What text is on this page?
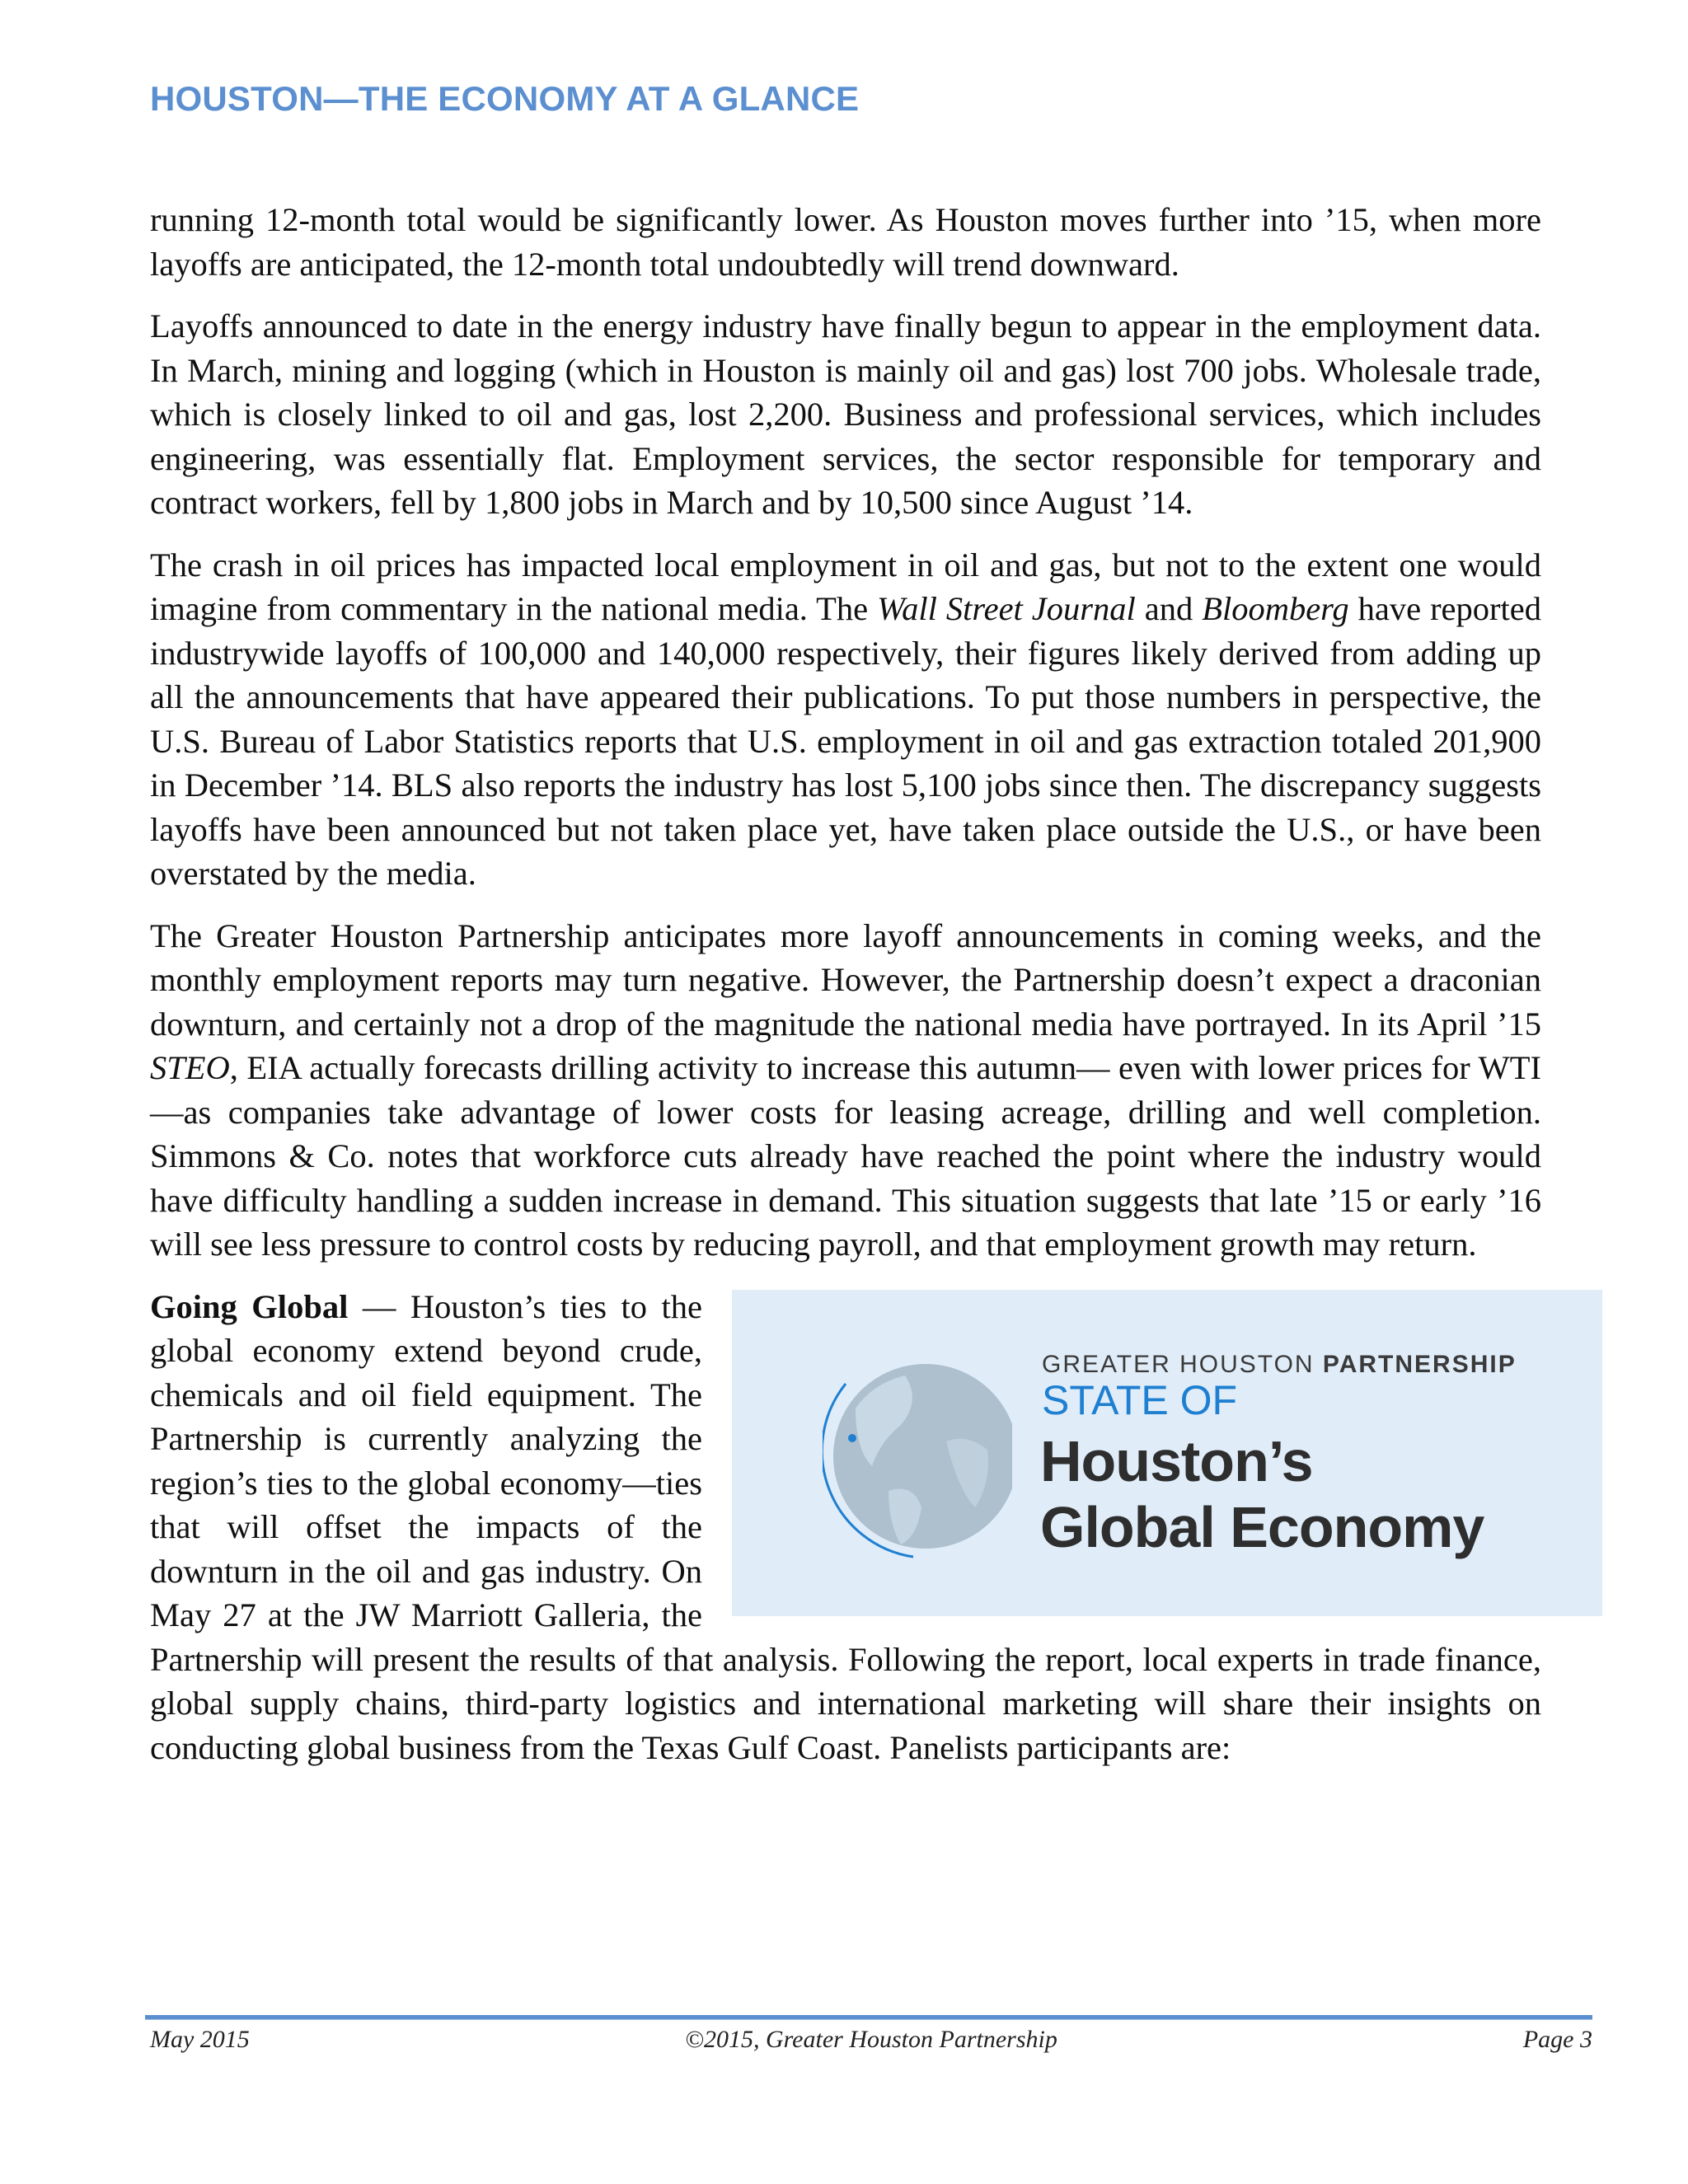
HOUSTON—THE ECONOMY AT A GLANCE

running 12-month total would be significantly lower. As Houston moves further into ’15, when more layoffs are anticipated, the 12-month total undoubtedly will trend downward.

Layoffs announced to date in the energy industry have finally begun to appear in the employment data. In March, mining and logging (which in Houston is mainly oil and gas) lost 700 jobs. Wholesale trade, which is closely linked to oil and gas, lost 2,200. Business and professional services, which includes engineering, was essentially flat. Employment services, the sector responsible for temporary and contract workers, fell by 1,800 jobs in March and by 10,500 since August ’14.

The crash in oil prices has impacted local employment in oil and gas, but not to the extent one would imagine from commentary in the national media. The Wall Street Journal and Bloomberg have reported industrywide layoffs of 100,000 and 140,000 respectively, their figures likely derived from adding up all the announcements that have appeared their publications. To put those numbers in perspective, the U.S. Bureau of Labor Statistics reports that U.S. employment in oil and gas extraction totaled 201,900 in December ’14. BLS also reports the industry has lost 5,100 jobs since then. The discrepancy suggests layoffs have been announced but not taken place yet, have taken place outside the U.S., or have been overstated by the media.

The Greater Houston Partnership anticipates more layoff announcements in coming weeks, and the monthly employment reports may turn negative. However, the Partnership doesn’t expect a draconian downturn, and certainly not a drop of the magnitude the national media have portrayed. In its April ’15 STEO, EIA actually forecasts drilling activity to increase this autumn— even with lower prices for WTI—as companies take advantage of lower costs for leasing acreage, drilling and well completion. Simmons & Co. notes that workforce cuts already have reached the point where the industry would have difficulty handling a sudden increase in demand. This situation suggests that late ’15 or early ’16 will see less pressure to control costs by reducing payroll, and that employment growth may return.

GREATER HOUSTON PARTNERSHIP
STATE OF
Houston’s
Global Economy

Going Global — Houston’s ties to the global economy extend beyond crude, chemicals and oil field equipment. The Partnership is currently analyzing the region’s ties to the global economy—ties that will offset the impacts of the downturn in the oil and gas industry. On May 27 at the JW Marriott Galleria, the Partnership will present the results of that analysis. Following the report, local experts in trade finance, global supply chains, third-party logistics and international marketing will share their insights on conducting global business from the Texas Gulf Coast. Panelists participants are:

May 2015	©2015, Greater Houston Partnership	Page 3
